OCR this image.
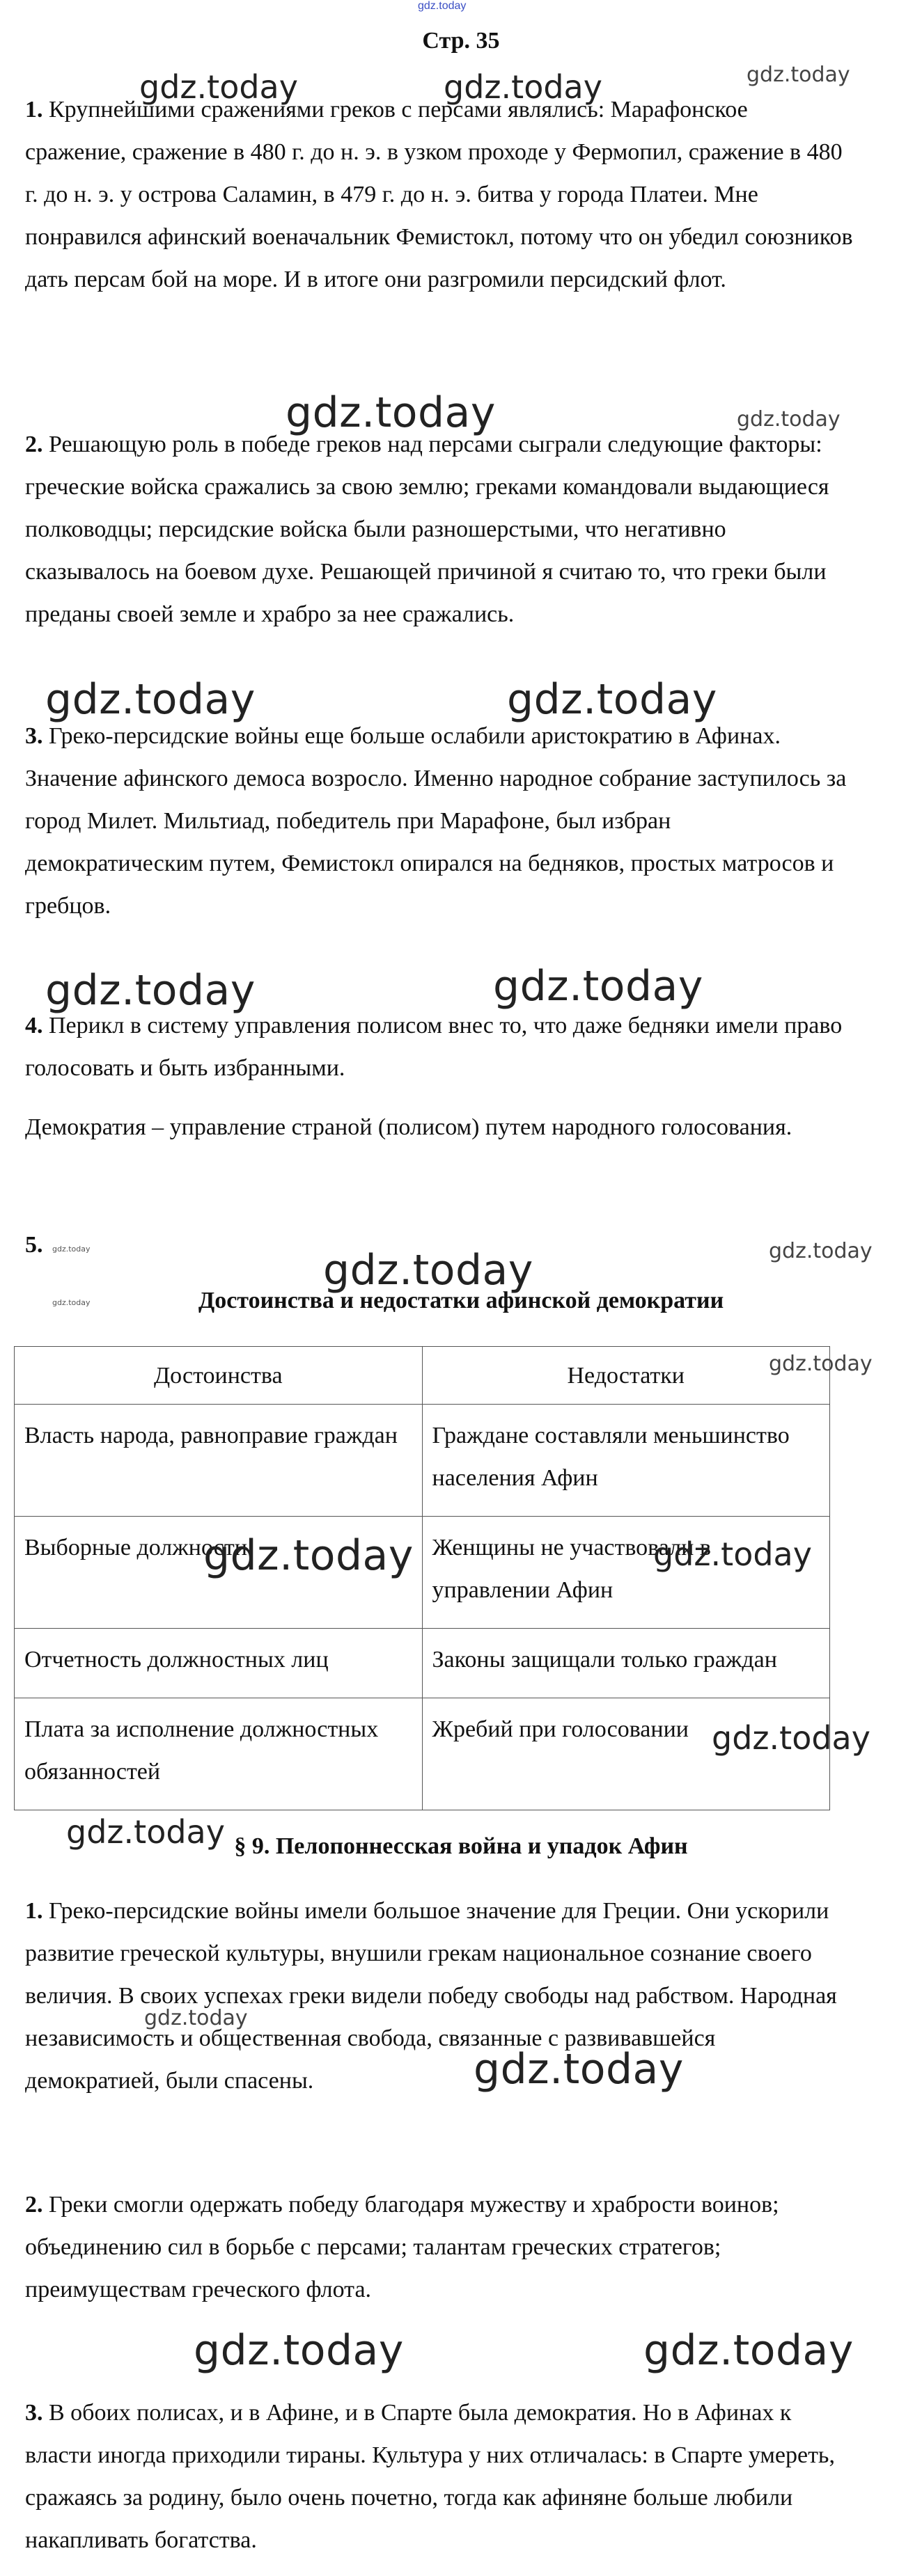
gdz.today
Стр. 35

1. Крупнейшими сражениями греков с персами являлись: Марафонское сражение, сражение в 480 г. до н. э. в узком проходе у Фермопил, сражение в 480 г. до н. э. у острова Саламин, в 479 г. до н. э. битва у города Платеи. Мне понравился афинский военачальник Фемистокл, потому что он убедил союзников дать персам бой на море. И в итоге они разгромили персидский флот.

2. Решающую роль в победе греков над персами сыграли следующие факторы: греческие войска сражались за свою землю; греками командовали выдающиеся полководцы; персидские войска были разношерстыми, что негативно сказывалось на боевом духе. Решающей причиной я считаю то, что греки были преданы своей земле и храбро за нее сражались.

3. Греко-персидские войны еще больше ослабили аристократию в Афинах. Значение афинского демоса возросло. Именно народное собрание заступилось за город Милет. Мильтиад, победитель при Марафоне, был избран демократическим путем, Фемистокл опирался на бедняков, простых матросов и гребцов.

4. Перикл в систему управления полисом внес то, что даже бедняки имели право голосовать и быть избранными.

Демократия – управление страной (полисом) путем народного голосования.

5.

Достоинства и недостатки афинской демократии
Достоинства	Недостатки
Власть народа, равноправие граждан	Граждане составляли меньшинство населения Афин
Выборные должности	Женщины не участвовали в управлении Афин
Отчетность должностных лиц	Законы защищали только граждан
Плата за исполнение должностных обязанностей	Жребий при голосовании
§ 9. Пелопоннесская война и упадок Афин

1. Греко-персидские войны имели большое значение для Греции. Они ускорили развитие греческой культуры, внушили грекам национальное сознание своего величия. В своих успехах греки видели победу свободы над рабством. Народная независимость и общественная свобода, связанные с развивавшейся демократией, были спасены.

2. Греки смогли одержать победу благодаря мужеству и храбрости воинов; объединению сил в борьбе с персами; талантам греческих стратегов; преимуществам греческого флота.

3. В обоих полисах, и в Афине, и в Спарте была демократия. Но в Афинах к власти иногда приходили тираны. Культура у них отличалась: в Спарте умереть, сражаясь за родину, было очень почетно, тогда как афиняне больше любили накапливать богатства.

gdz.today	gdz.today	gdz.today
gdz.today	gdz.today
gdz.today	gdz.today
gdz.today	gdz.today
gdz.today
gdz.today
gdz.today	gdz.today
gdz.today
gdz.today	gdz.today
gdz.today
gdz.today
gdz.today
gdz.today
gdz.today	gdz.today
